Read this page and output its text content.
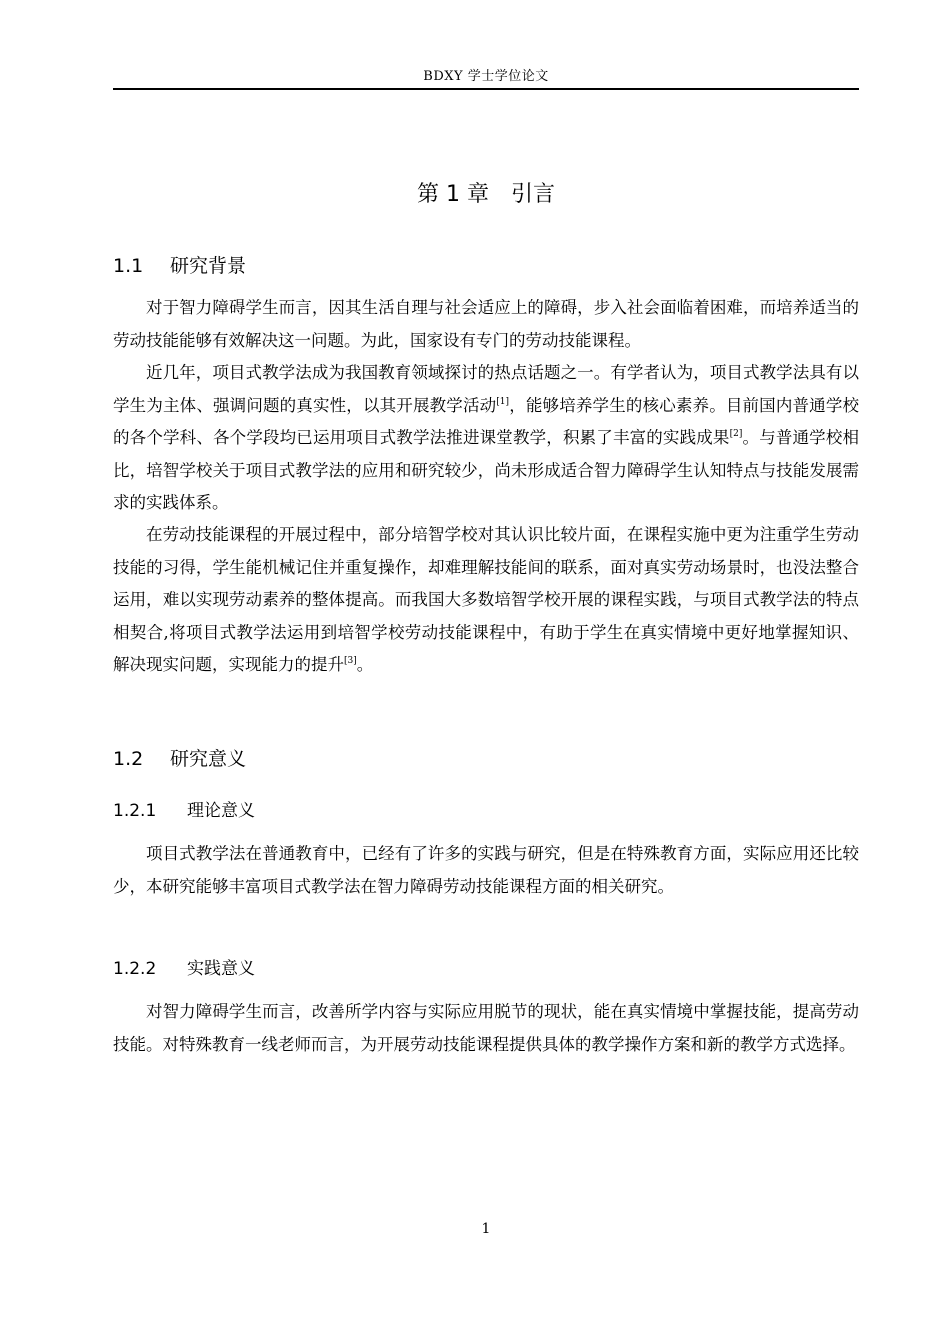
BDXY 学士学位论文
第 1 章 引言
1.1 研究背景

对于智力障碍学生而言，因其生活自理与社会适应上的障碍，步入社会面临着困难，而培养适当的劳动技能能够有效解决这一问题。为此，国家设有专门的劳动技能课程。

近几年，项目式教学法成为我国教育领域探讨的热点话题之一。有学者认为，项目式教学法具有以学生为主体、强调问题的真实性，以其开展教学活动[1]，能够培养学生的核心素养。目前国内普通学校的各个学科、各个学段均已运用项目式教学法推进课堂教学，积累了丰富的实践成果[2]。与普通学校相比，培智学校关于项目式教学法的应用和研究较少，尚未形成适合智力障碍学生认知特点与技能发展需求的实践体系。

在劳动技能课程的开展过程中，部分培智学校对其认识比较片面，在课程实施中更为注重学生劳动技能的习得，学生能机械记住并重复操作，却难理解技能间的联系，面对真实劳动场景时，也没法整合运用，难以实现劳动素养的整体提高。而我国大多数培智学校开展的课程实践，与项目式教学法的特点相契合,将项目式教学法运用到培智学校劳动技能课程中，有助于学生在真实情境中更好地掌握知识、解决现实问题，实现能力的提升[3]。

1.2 研究意义
1.2.1 理论意义

项目式教学法在普通教育中，已经有了许多的实践与研究，但是在特殊教育方面，实际应用还比较少，本研究能够丰富项目式教学法在智力障碍劳动技能课程方面的相关研究。

1.2.2 实践意义

对智力障碍学生而言，改善所学内容与实际应用脱节的现状，能在真实情境中掌握技能，提高劳动技能。对特殊教育一线老师而言，为开展劳动技能课程提供具体的教学操作方案和新的教学方式选择。

1
